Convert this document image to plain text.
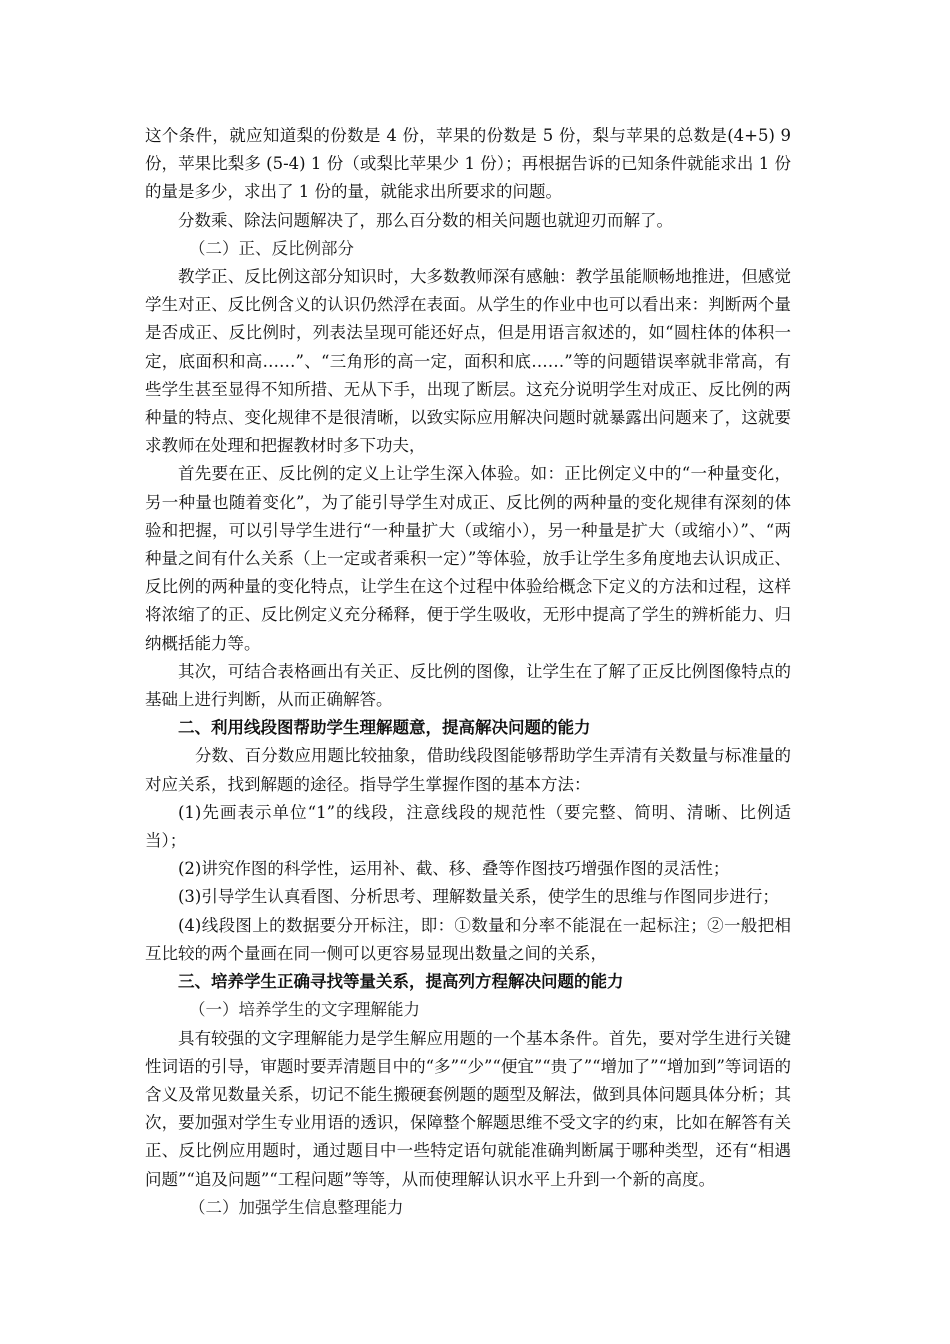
这个条件，就应知道梨的份数是 4 份，苹果的份数是 5 份，梨与苹果的总数是(4+5) 9 份，苹果比梨多 (5-4) 1 份（或梨比苹果少 1 份）；再根据告诉的已知条件就能求出 1 份的量是多少，求出了 1 份的量，就能求出所要求的问题。

分数乘、除法问题解决了，那么百分数的相关问题也就迎刃而解了。

（二）正、反比例部分

教学正、反比例这部分知识时，大多数教师深有感触：教学虽能顺畅地推进，但感觉学生对正、反比例含义的认识仍然浮在表面。从学生的作业中也可以看出来：判断两个量是否成正、反比例时，列表法呈现可能还好点，但是用语言叙述的，如“圆柱体的体积一定，底面积和高……”、“三角形的高一定，面积和底……”等的问题错误率就非常高，有些学生甚至显得不知所措、无从下手，出现了断层。这充分说明学生对成正、反比例的两种量的特点、变化规律不是很清晰，以致实际应用解决问题时就暴露出问题来了，这就要求教师在处理和把握教材时多下功夫，

首先要在正、反比例的定义上让学生深入体验。如：正比例定义中的“一种量变化，另一种量也随着变化”，为了能引导学生对成正、反比例的两种量的变化规律有深刻的体验和把握，可以引导学生进行“一种量扩大（或缩小），另一种量是扩大（或缩小）”、“两种量之间有什么关系（上一定或者乘积一定）”等体验，放手让学生多角度地去认识成正、反比例的两种量的变化特点，让学生在这个过程中体验给概念下定义的方法和过程，这样将浓缩了的正、反比例定义充分稀释，便于学生吸收，无形中提高了学生的辨析能力、归纳概括能力等。

其次，可结合表格画出有关正、反比例的图像，让学生在了解了正反比例图像特点的基础上进行判断，从而正确解答。

二、利用线段图帮助学生理解题意，提高解决问题的能力

分数、百分数应用题比较抽象，借助线段图能够帮助学生弄清有关数量与标准量的对应关系，找到解题的途径。指导学生掌握作图的基本方法：

(1)先画表示单位“1”的线段，注意线段的规范性（要完整、简明、清晰、比例适当）；

(2)讲究作图的科学性，运用补、截、移、叠等作图技巧增强作图的灵活性；

(3)引导学生认真看图、分析思考、理解数量关系，使学生的思维与作图同步进行；

(4)线段图上的数据要分开标注，即：①数量和分率不能混在一起标注；②一般把相互比较的两个量画在同一侧可以更容易显现出数量之间的关系，

三、培养学生正确寻找等量关系，提高列方程解决问题的能力

（一）培养学生的文字理解能力

具有较强的文字理解能力是学生解应用题的一个基本条件。首先，要对学生进行关键性词语的引导，审题时要弄清题目中的“多”“少”“便宜”“贵了”“增加了”“增加到”等词语的含义及常见数量关系，切记不能生搬硬套例题的题型及解法，做到具体问题具体分析；其次，要加强对学生专业用语的透识，保障整个解题思维不受文字的约束，比如在解答有关正、反比例应用题时，通过题目中一些特定语句就能准确判断属于哪种类型，还有“相遇问题”“追及问题”“工程问题”等等，从而使理解认识水平上升到一个新的高度。

（二）加强学生信息整理能力
